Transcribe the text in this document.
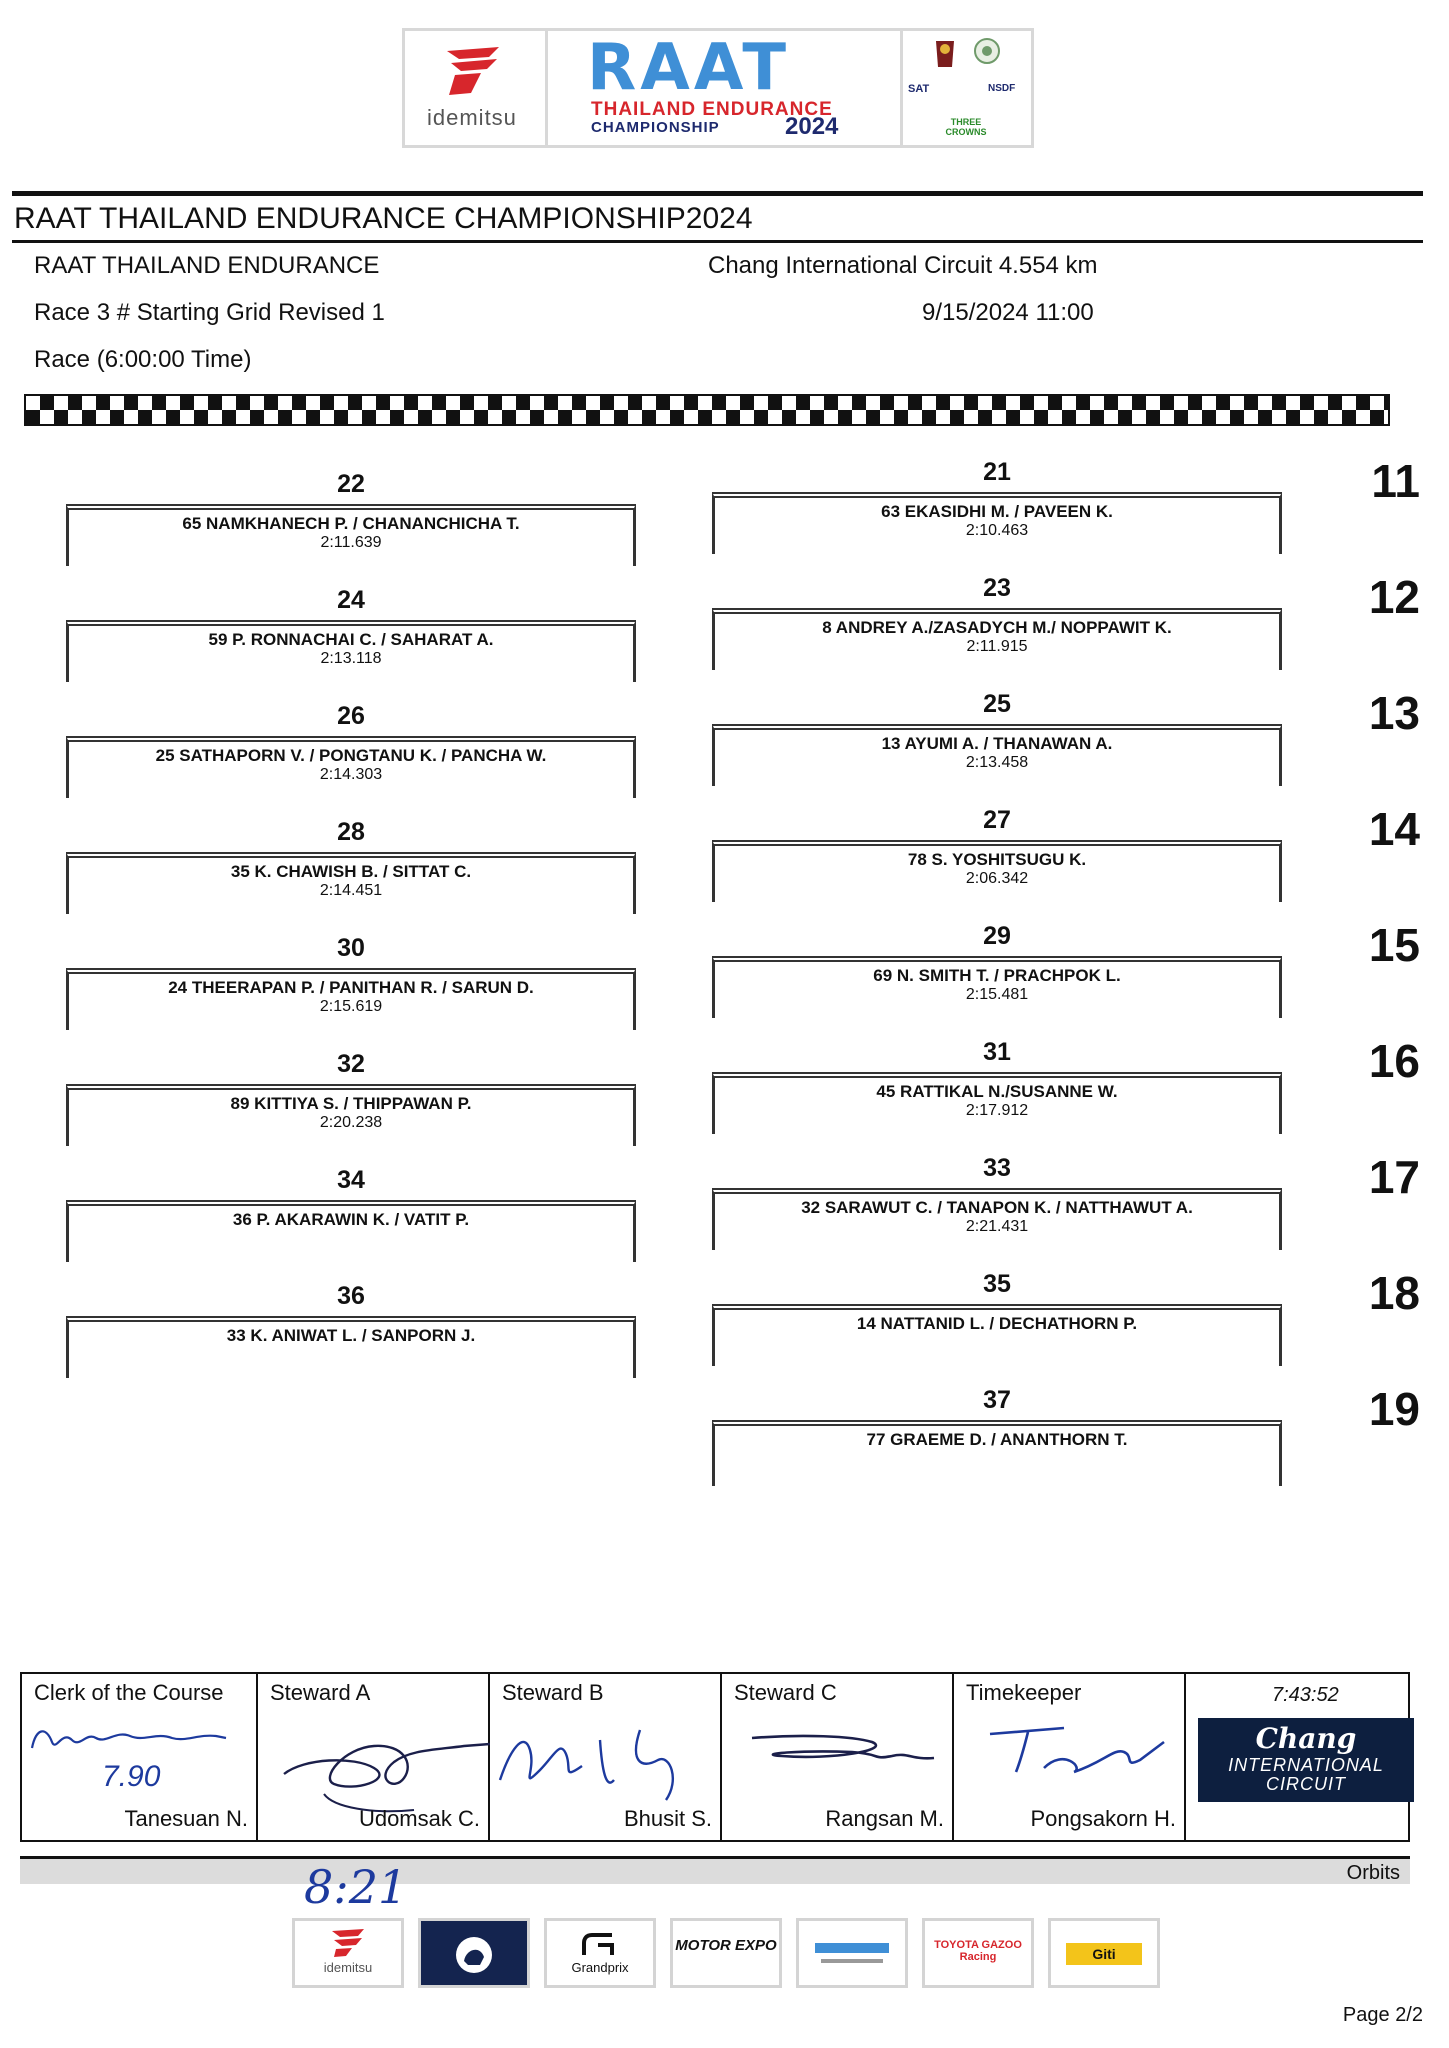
idemitsu
RAAT
THAILAND ENDURANCE
CHAMPIONSHIP	2024
SAT	NSDF
THREE CROWNS
RAAT THAILAND ENDURANCE CHAMPIONSHIP2024
RAAT THAILAND ENDURANCE
Race 3 # Starting Grid Revised 1
Race (6:00:00 Time)
Chang International Circuit 4.554 km
9/15/2024 11:00
22
65 NAMKHANECH P. / CHANANCHICHA T.
2:11.639
21
63 EKASIDHI M. / PAVEEN K.
2:10.463
11
24
59 P. RONNACHAI C. / SAHARAT A.
2:13.118
23
8 ANDREY A./ZASADYCH M./ NOPPAWIT K.
2:11.915
12
26
25 SATHAPORN V. / PONGTANU K. / PANCHA W.
2:14.303
25
13 AYUMI A. / THANAWAN A.
2:13.458
13
28
35 K. CHAWISH B. / SITTAT C.
2:14.451
27
78 S. YOSHITSUGU K.
2:06.342
14
30
24 THEERAPAN P. / PANITHAN R. / SARUN D.
2:15.619
29
69 N. SMITH T. / PRACHPOK L.
2:15.481
15
32
89 KITTIYA S. / THIPPAWAN P.
2:20.238
31
45 RATTIKAL N./SUSANNE W.
2:17.912
16
34
36 P. AKARAWIN K. / VATIT P.
33
32 SARAWUT C. / TANAPON K. / NATTHAWUT A.
2:21.431
17
36
33 K. ANIWAT L. / SANPORN J.
35
14 NATTANID L. / DECHATHORN P.
18
37
77 GRAEME D. / ANANTHORN T.
19
Clerk of the Course
7.90
Tanesuan N.
Steward A
Udomsak C.
Steward B
Bhusit S.
Steward C
Rangsan M.
Timekeeper
Pongsakorn H.
7:43:52
Chang
INTERNATIONAL
CIRCUIT
Orbits
8:21
idemitsu	Grandprix
MOTOR EXPO	TOYOTA GAZOO Racing	Giti
Page 2/2
